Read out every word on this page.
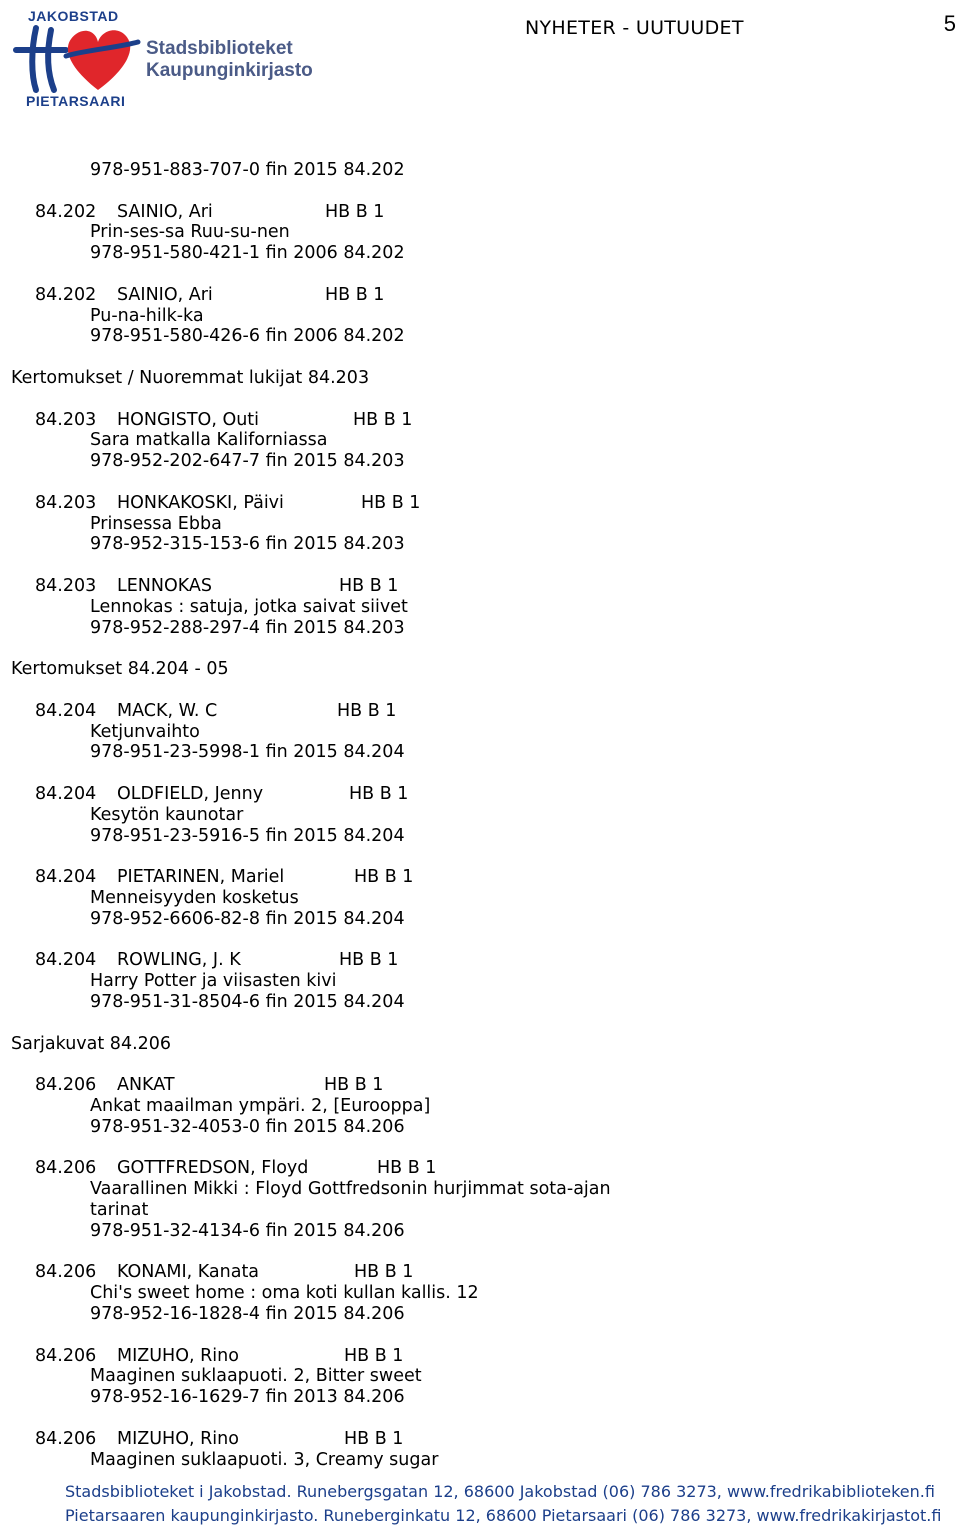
JAKOBSTAD
Stadsbiblioteket
Kaupunginkirjasto
PIETARSAARI
NYHETER - UUTUUDET	5
978-951-883-707-0 fin 2015 84.202
84.202 SAINIO, Ari	HB B 1
Prin-ses-sa Ruu-su-nen
978-951-580-421-1 fin 2006 84.202
84.202 SAINIO, Ari	HB B 1
Pu-na-hilk-ka
978-951-580-426-6 fin 2006 84.202
Kertomukset / Nuoremmat lukijat 84.203
84.203 HONGISTO, Outi	HB B 1
Sara matkalla Kaliforniassa
978-952-202-647-7 fin 2015 84.203
84.203 HONKAKOSKI, Päivi	HB B 1
Prinsessa Ebba
978-952-315-153-6 fin 2015 84.203
84.203 LENNOKAS	HB B 1
Lennokas : satuja, jotka saivat siivet
978-952-288-297-4 fin 2015 84.203
Kertomukset 84.204 - 05
84.204 MACK, W. C	HB B 1
Ketjunvaihto
978-951-23-5998-1 fin 2015 84.204
84.204 OLDFIELD, Jenny	HB B 1
Kesytön kaunotar
978-951-23-5916-5 fin 2015 84.204
84.204 PIETARINEN, Mariel	HB B 1
Menneisyyden kosketus
978-952-6606-82-8 fin 2015 84.204
84.204 ROWLING, J. K	HB B 1
Harry Potter ja viisasten kivi
978-951-31-8504-6 fin 2015 84.204
Sarjakuvat 84.206
84.206 ANKAT	HB B 1
Ankat maailman ympäri. 2, [Eurooppa]
978-951-32-4053-0 fin 2015 84.206
84.206 GOTTFREDSON, Floyd	HB B 1
Vaarallinen Mikki : Floyd Gottfredsonin hurjimmat sota-ajan
tarinat
978-951-32-4134-6 fin 2015 84.206
84.206 KONAMI, Kanata	HB B 1
Chi's sweet home : oma koti kullan kallis. 12
978-952-16-1828-4 fin 2015 84.206
84.206 MIZUHO, Rino	HB B 1
Maaginen suklaapuoti. 2, Bitter sweet
978-952-16-1629-7 fin 2013 84.206
84.206 MIZUHO, Rino	HB B 1
Maaginen suklaapuoti. 3, Creamy sugar
Stadsbiblioteket i Jakobstad. Runebergsgatan 12, 68600 Jakobstad (06) 786 3273, www.fredrikabiblioteken.fi
Pietarsaaren kaupunginkirjasto. Runeberginkatu 12, 68600 Pietarsaari (06) 786 3273, www.fredrikakirjastot.fi
